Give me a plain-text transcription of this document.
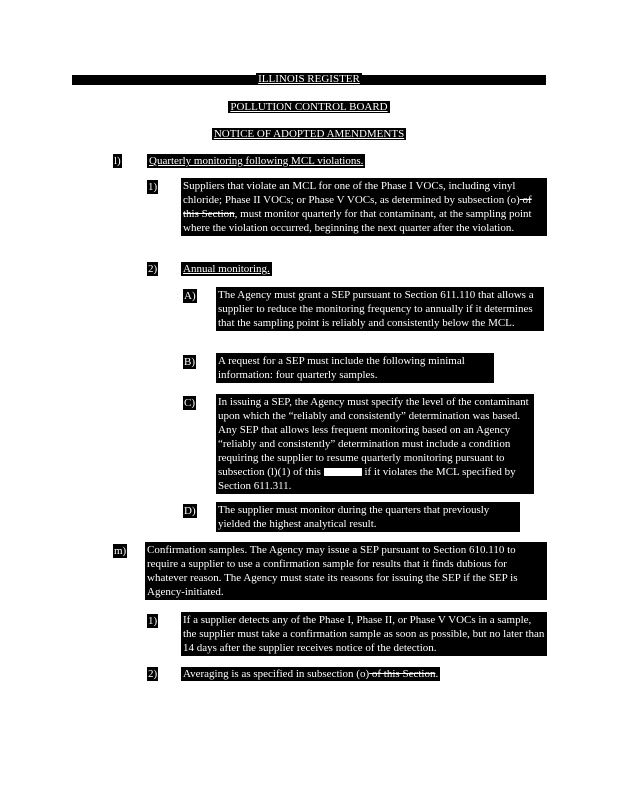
ILLINOIS REGISTER
POLLUTION CONTROL BOARD
NOTICE OF ADOPTED AMENDMENTS
l)	Quarterly monitoring following MCL violations.
1) Suppliers that violate an MCL for one of the Phase I VOCs, including vinyl chloride; Phase II VOCs; or Phase V VOCs, as determined by subsection (o) of this Section, must monitor quarterly for that contaminant, at the sampling point where the violation occurred, beginning the next quarter after the violation.
2) Annual monitoring.
A) The Agency must grant a SEP pursuant to Section 611.110 that allows a supplier to reduce the monitoring frequency to annually if it determines that the sampling point is reliably and consistently below the MCL.
B) A request for a SEP must include the following minimal information: four quarterly samples.
C) In issuing a SEP, the Agency must specify the level of the contaminant upon which the “reliably and consistently” determination was based. Any SEP that allows less frequent monitoring based on an Agency “reliably and consistently” determination must include a condition requiring the supplier to resume quarterly monitoring pursuant to subsection (l)(1) of this	if it violates the MCL specified by Section 611.311.
D) The supplier must monitor during the quarters that previously yielded the highest analytical result.
m) Confirmation samples. The Agency may issue a SEP pursuant to Section 610.110 to require a supplier to use a confirmation sample for results that it finds dubious for whatever reason. The Agency must state its reasons for issuing the SEP if the SEP is Agency-initiated.
1) If a supplier detects any of the Phase I, Phase II, or Phase V VOCs in a sample, the supplier must take a confirmation sample as soon as possible, but no later than 14 days after the supplier receives notice of the detection.
2) Averaging is as specified in subsection (o) of this Section.
